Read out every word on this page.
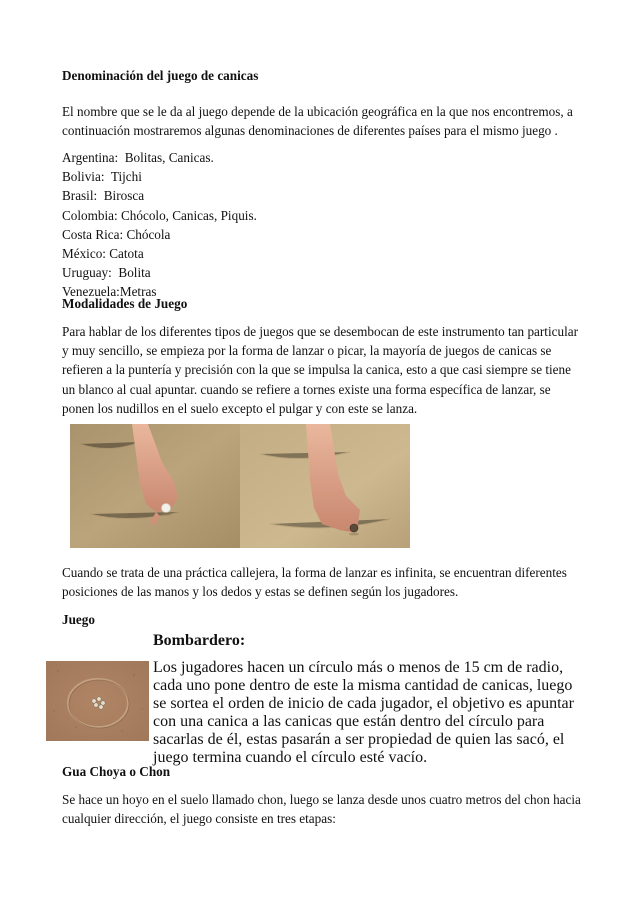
Denominación del juego de canicas

El nombre que se le da al juego depende de la ubicación geográfica en la que nos encontremos, a continuación mostraremos algunas denominaciones de diferentes países para el mismo juego .

Argentina:  Bolitas, Canicas.
Bolivia:  Tijchi
Brasil:  Birosca
Colombia: Chócolo, Canicas, Piquis.
Costa Rica: Chócola
México: Catota
Uruguay:  Bolita
Venezuela:Metras

Modalidades de Juego

Para hablar de los diferentes tipos de juegos que se desembocan de este instrumento tan particular y muy sencillo, se empieza por la forma de lanzar o picar, la mayoría de juegos de canicas se refieren a la puntería y precisión con la que se impulsa la canica, esto a que casi siempre se tiene un blanco al cual apuntar. cuando se refiere a tornes existe una forma específica de lanzar, se ponen los nudillos en el suelo excepto el pulgar y con este se lanza.

Cuando se trata de una práctica callejera, la forma de lanzar es infinita, se encuentran diferentes posiciones de las manos y los dedos y estas se definen según los jugadores.

Juego

Gua Choya o Chon

Se hace un hoyo en el suelo llamado chon, luego se lanza desde unos cuatro metros del chon hacia cualquier dirección, el juego consiste en tres etapas:

Bombardero:

Los jugadores hacen un círculo más o menos de 15 cm de radio, cada uno pone dentro de este la misma cantidad de canicas, luego se sortea el orden de inicio de cada jugador, el objetivo es apuntar con una canica a las canicas que están dentro del círculo para sacarlas de él, estas pasarán a ser propiedad de quien las sacó, el juego termina cuando el círculo esté vacío.
